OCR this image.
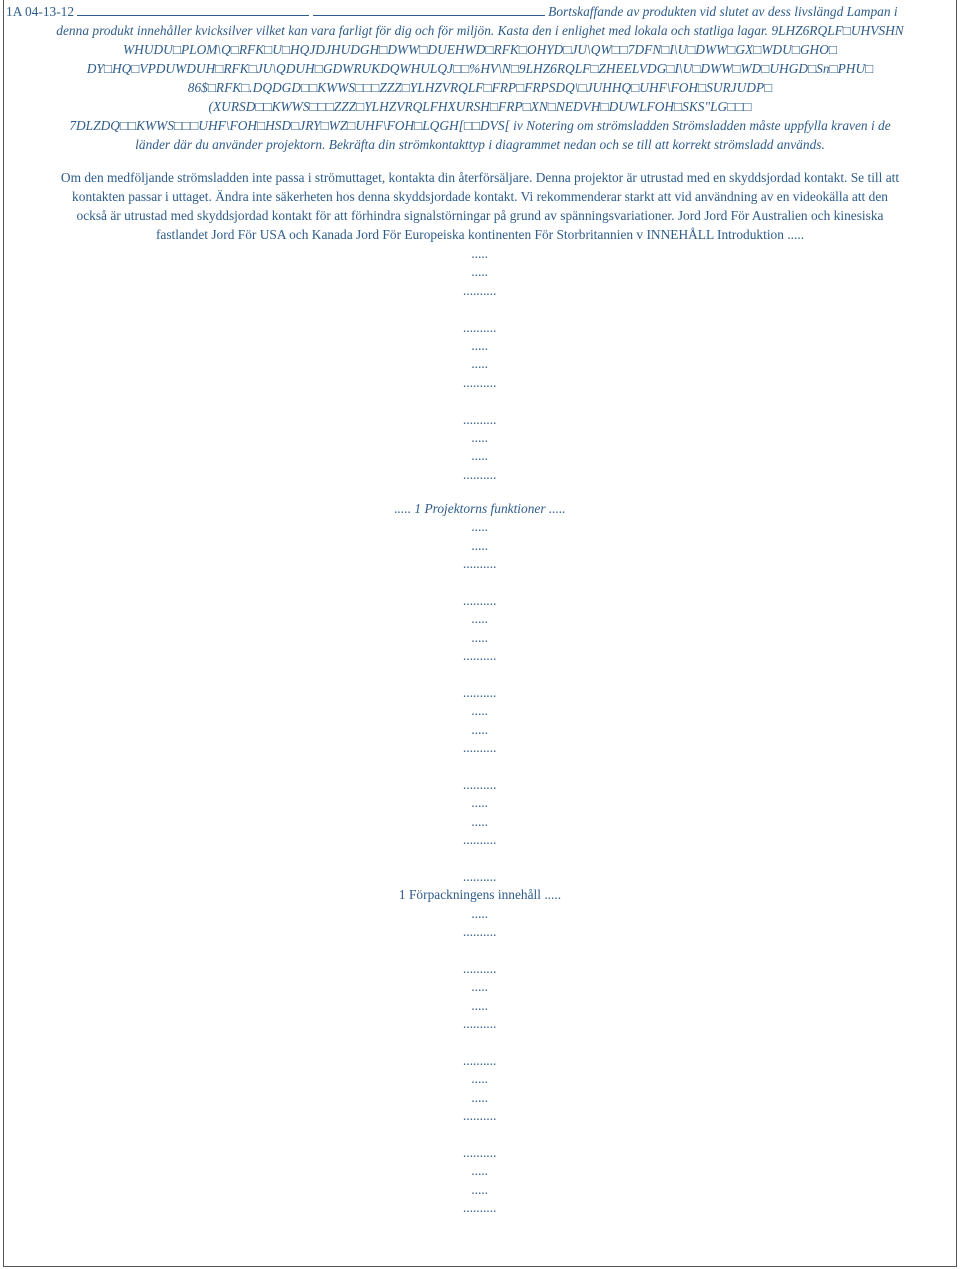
1A 04-13-12	Bortskaffande av produkten vid slutet av dess livslängd Lampan i

denna produkt innehåller kvicksilver vilket kan vara farligt för dig och för miljön. Kasta den i enlighet med lokala och statliga lagar. 9LHZ6RQLF□UHVSHN

WHUDU□PLOM\Q□RFK□U□HQJDJHUDGH□DWW□DUEHWD□RFK□OHYD□JU\QW□□7DFN□I\U□DWW□GX□WDU□GHO□

DY□HQ□VPDUWDUH□RFK□JU\QDUH□GDWRUKDQWHULQJ□□%HV\N□9LHZ6RQLF□ZHEELVDG□I\U□DWW□WD□UHGD□Sn□PHU□

86$□RFK□.DQDGD□□KWWS□□□ZZZ□YLHZVRQLF□FRP□FRPSDQ\□JUHHQ□UHF\FOH□SURJUDP□

(XURSD□□KWWS□□□ZZZ□YLHZVRQLFHXURSH□FRP□XN□NEDVH□DUWLFOH□SKS"LG□□□

7DLZDQ□□KWWS□□□UHF\FOH□HSD□JRY□WZ□UHF\FOH□LQGH[□□DVS[ iv Notering om strömsladden Strömsladden måste uppfylla kraven i de

länder där du använder projektorn. Bekräfta din strömkontakttyp i diagrammet nedan och se till att korrekt strömsladd används.

Om den medföljande strömsladden inte passa i strömuttaget, kontakta din återförsäljare. Denna projektor är utrustad med en skyddsjordad kontakt. Se till att

kontakten passar i uttaget. Ändra inte säkerheten hos denna skyddsjordade kontakt. Vi rekommenderar starkt att vid användning av en videokälla att den

också är utrustad med skyddsjordad kontakt för att förhindra signalstörningar på grund av spänningsvariationer. Jord Jord För Australien och kinesiska

fastlandet Jord För USA och Kanada Jord För Europeiska kontinenten För Storbritannien v INNEHÅLL Introduktion .....

.....
.....
..........
..........
.....
.....
..........
..........
.....
.....
..........

..... 1 Projektorns funktioner .....

.....
.....
..........
..........
.....
.....
..........
..........
.....
.....
..........
..........
.....
.....
..........
..........

1 Förpackningens innehåll .....

.....
..........
..........
.....
.....
..........
..........
.....
.....
..........
..........
.....
.....
..........
